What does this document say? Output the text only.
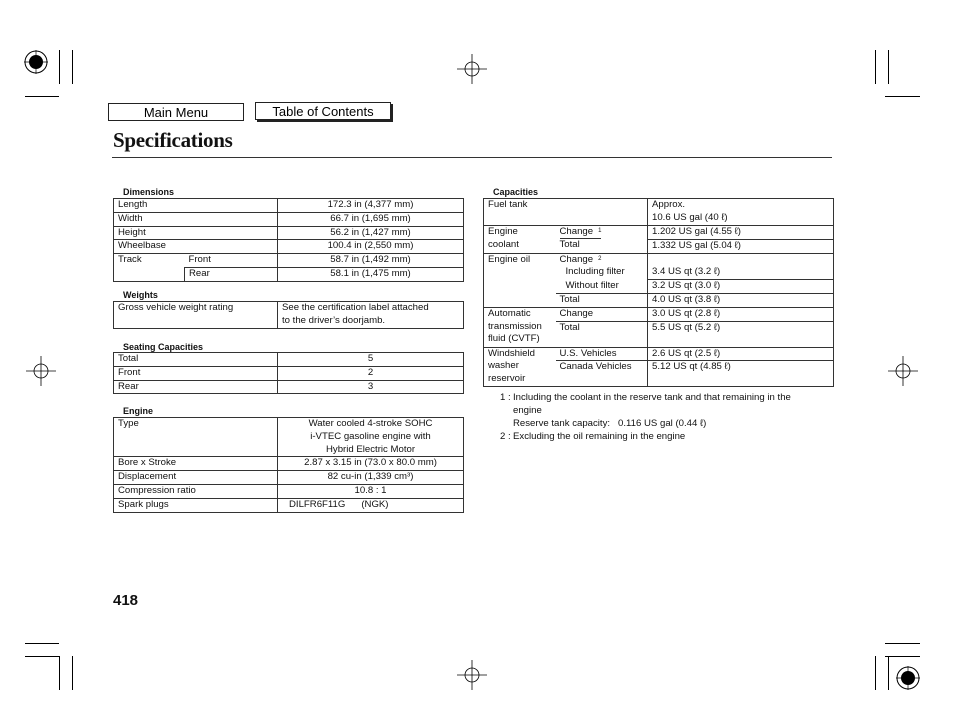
Main Menu	Table of Contents
Specifications
Dimensions
Length		172.3 in (4,377 mm)
Width		66.7 in (1,695 mm)
Height		56.2 in (1,427 mm)
Wheelbase		100.4 in (2,550 mm)
Track	Front	58.7 in (1,492 mm)
	Rear	58.1 in (1,475 mm)
Weights
Gross vehicle weight rating	See the certification label attached
to the driver’s doorjamb.
Seating Capacities
Total	5
Front	2
Rear	3
Engine
Type	Water cooled 4-stroke SOHC
i-VTEC gasoline engine with
Hybrid Electric Motor
Bore x Stroke	2.87 x 3.15 in (73.0 x 80.0 mm)
Displacement	82 cu-in (1,339 cm³)
Compression ratio	10.8 : 1
Spark plugs	DILFR6F11G      (NGK)
Capacities
Fuel tank		Approx.
10.6 US gal (40 ℓ)
Engine	Change $^1$	1.202 US gal (4.55 ℓ)
coolant	Total	1.332 US gal (5.04 ℓ)
Engine oil	Change $^2$	
	Including filter	3.4 US qt (3.2 ℓ)
	Without filter	3.2 US qt (3.0 ℓ)
	Total	4.0 US qt (3.8 ℓ)
Automatic
transmission
fluid (CVTF)	Change	3.0 US qt (2.8 ℓ)
	Total	5.5 US qt (5.2 ℓ)
Windshield
washer
reservoir	U.S. Vehicles	2.6 US qt (2.5 ℓ)
	Canada Vehicles	5.12 US qt (4.85 ℓ)
1 : Including the coolant in the reserve tank and that remaining in the
engine
Reserve tank capacity:   0.116 US gal (0.44 ℓ)
2 : Excluding the oil remaining in the engine
418
